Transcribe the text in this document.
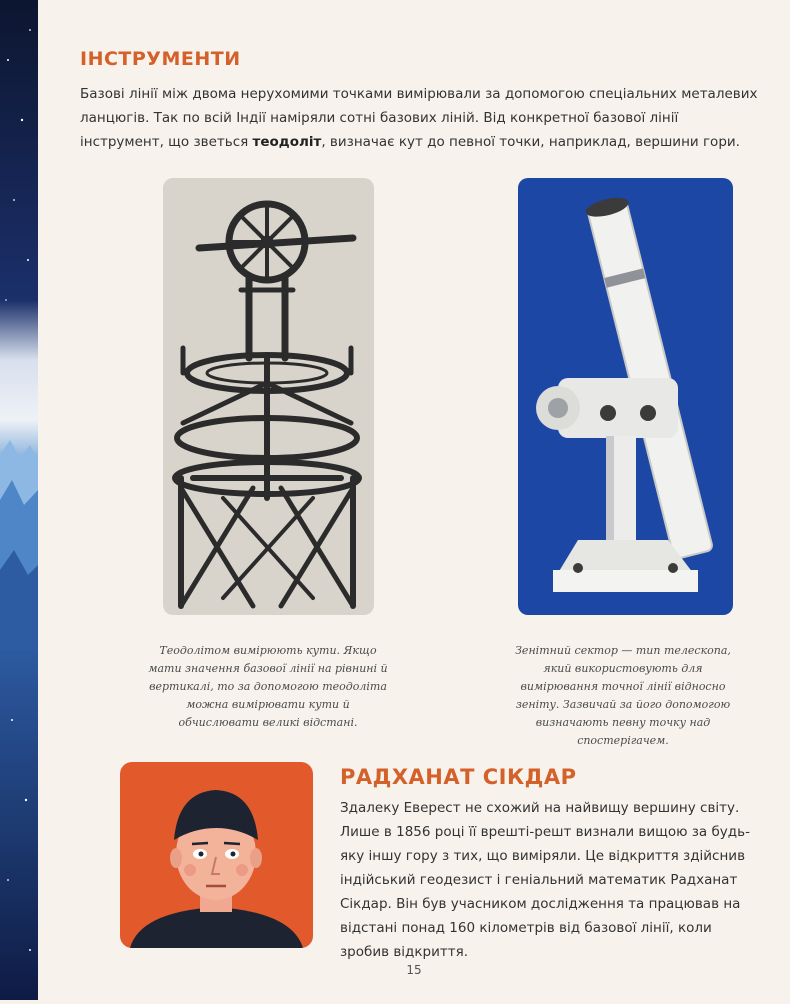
ІНСТРУМЕНТИ

Базові лінії між двома нерухомими точками вимірювали за допомогою спеціальних металевих ланцюгів. Так по всій Індії наміряли сотні базових ліній. Від конкретної базової лінії інструмент, що зветься теодоліт, визначає кут до певної точки, наприклад, вершини гори.

Теодолітом вимірюють кути. Якщо мати значення базової лінії на рівнині й вертикалі, то за допомогою теодоліта можна вимірювати кути й обчислювати великі відстані.

Зенітний сектор — тип телескопа, який використовують для вимірювання точної лінії відносно зеніту. Зазвичай за його допомогою визначають певну точку над спостерігачем.

РАДХАНАТ СІКДАР

Здалеку Еверест не схожий на найвищу вершину світу. Лише в 1856 році її врешті-решт визнали вищою за будь-яку іншу гору з тих, що виміряли. Це відкриття здійснив індійський геодезист і геніальний математик Радханат Сікдар. Він був учасником дослідження та працював на відстані понад 160 кілометрів від базової лінії, коли зробив відкриття.

15
